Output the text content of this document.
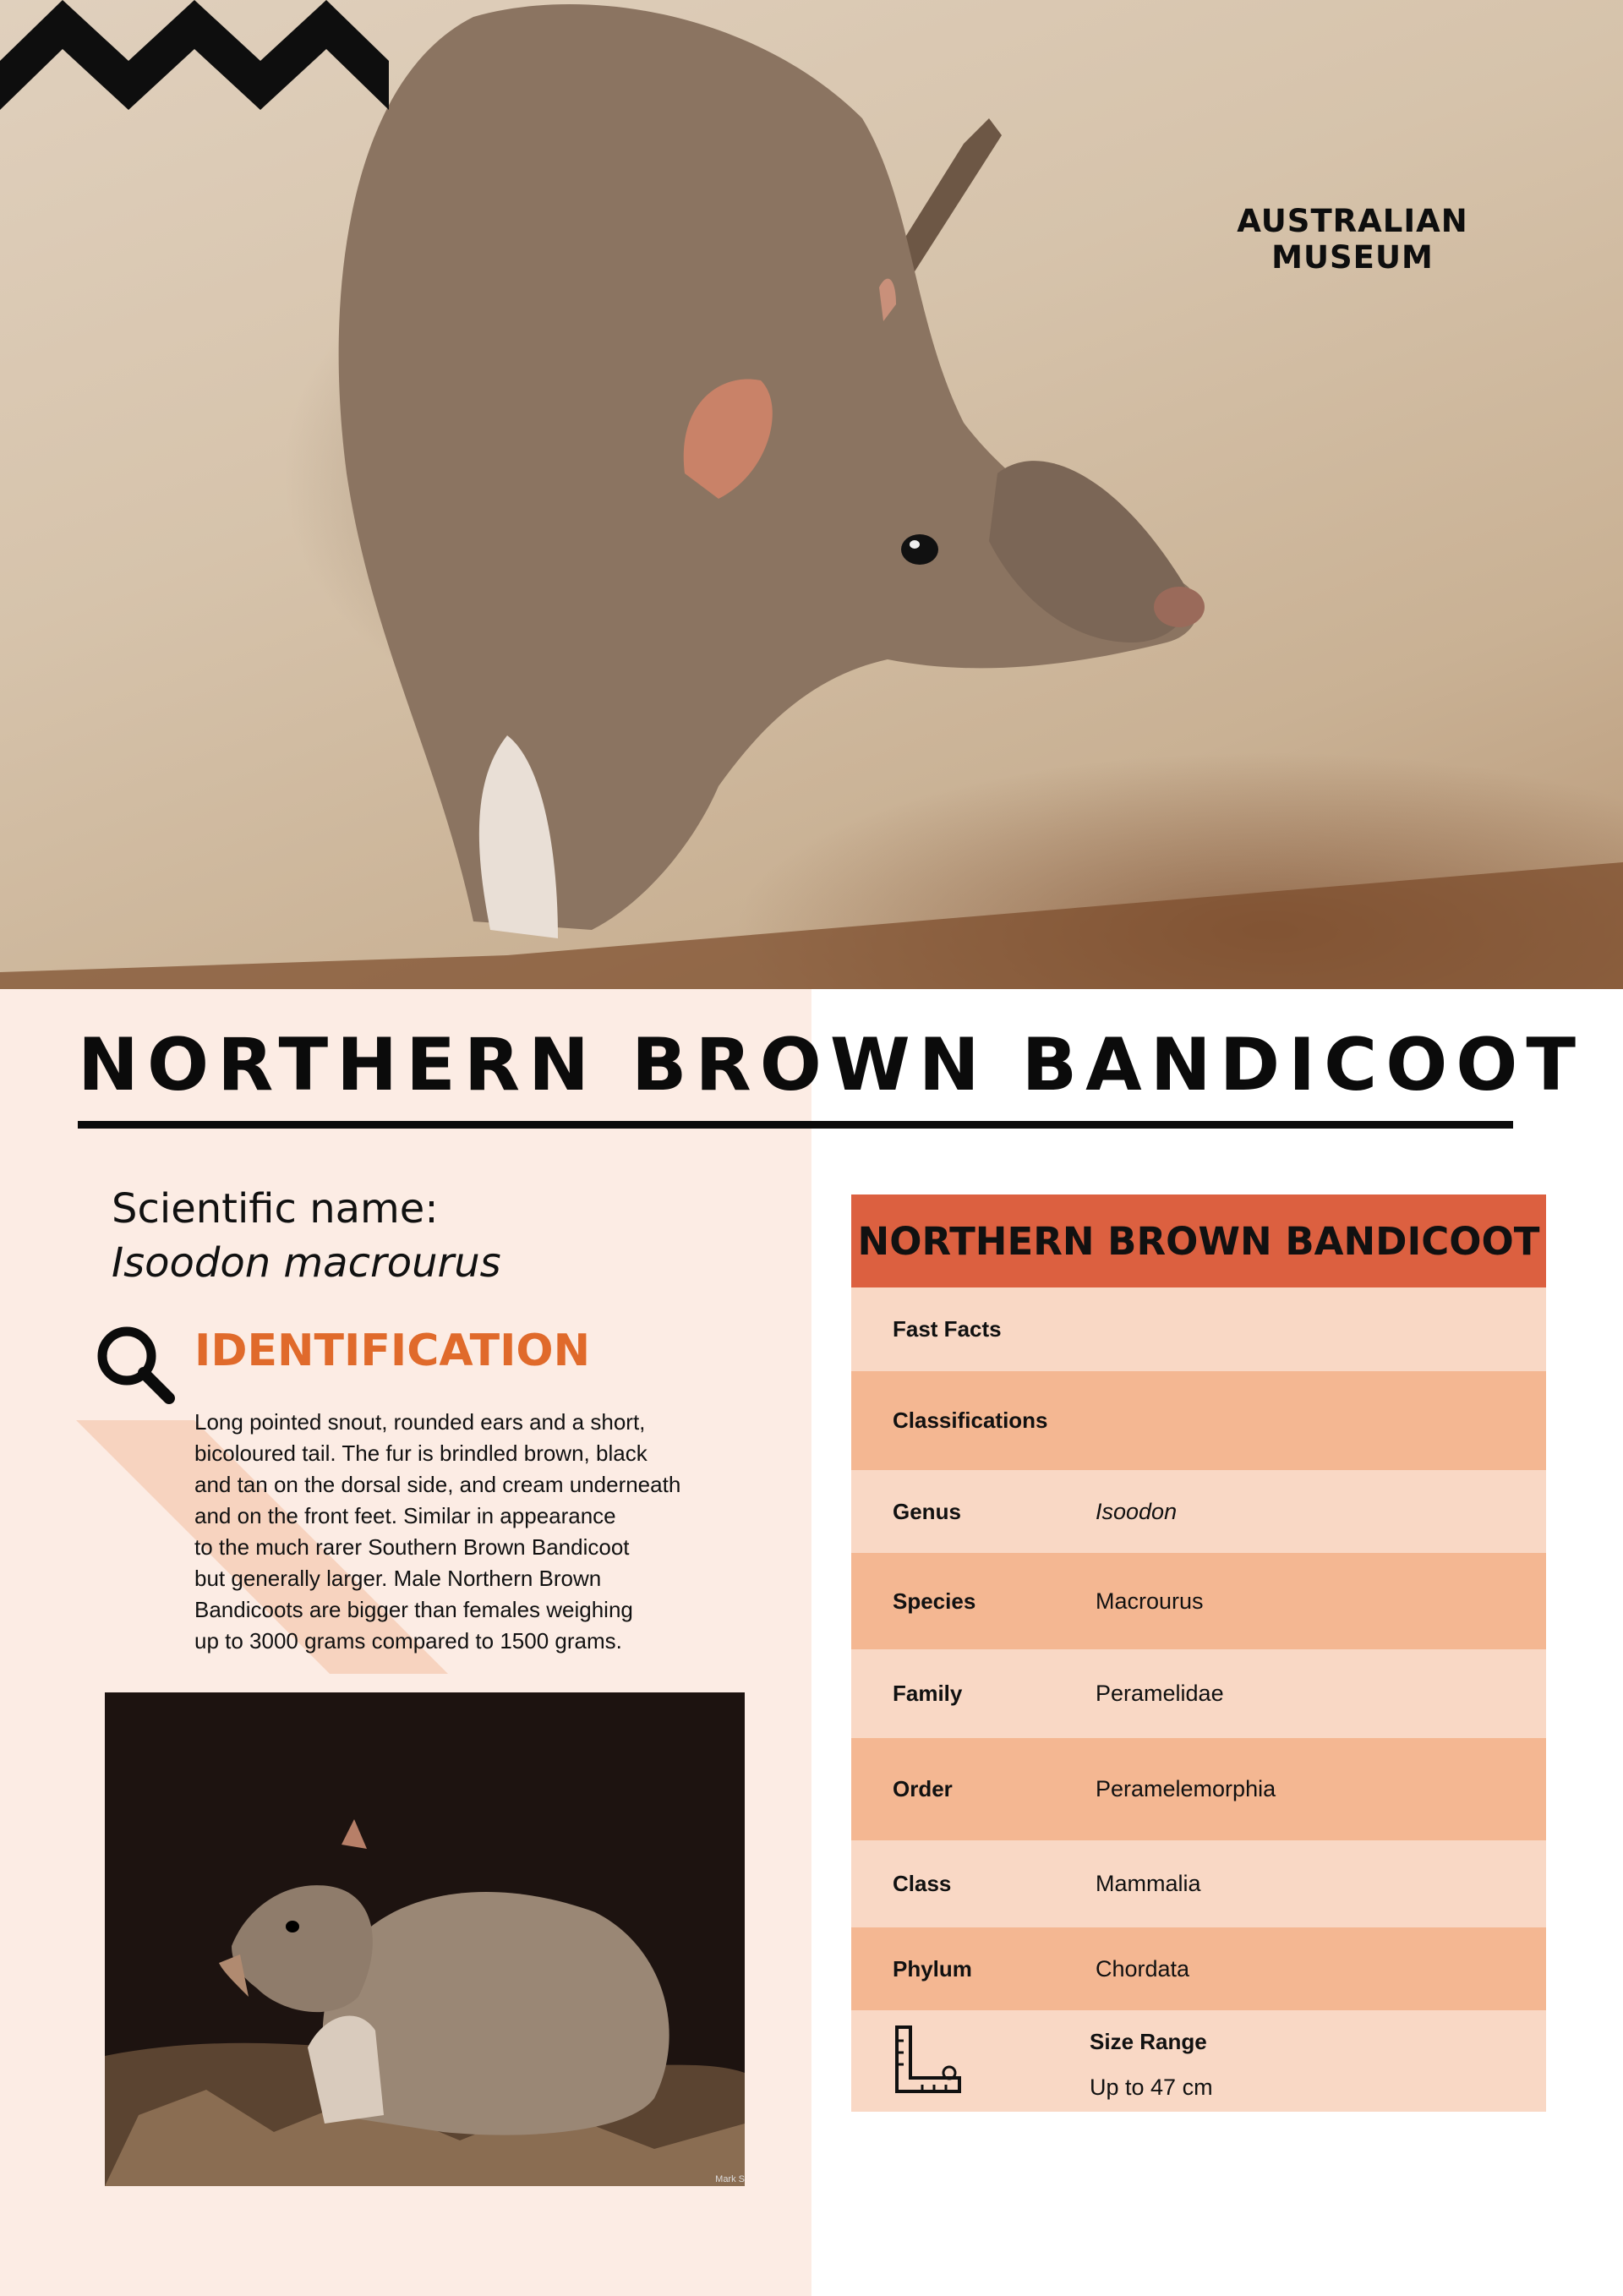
AUSTRALIAN MUSEUM
NORTHERN BROWN BANDICOOT
Scientific name:
Isoodon macrourus
IDENTIFICATION
Long pointed snout, rounded ears and a short,
bicoloured tail. The fur is brindled brown, black
and tan on the dorsal side, and cream underneath
and on the front feet. Similar in appearance
to the much rarer Southern Brown Bandicoot
but generally larger. Male Northern Brown
Bandicoots are bigger than females weighing
up to 3000 grams compared to 1500 grams.
Mark S
NORTHERN BROWN BANDICOOT
Fast Facts
Classifications
Genus	Isoodon
Species	Macrourus
Family	Peramelidae
Order	Peramelemorphia
Class	Mammalia
Phylum	Chordata
Size Range
Up to 47 cm
